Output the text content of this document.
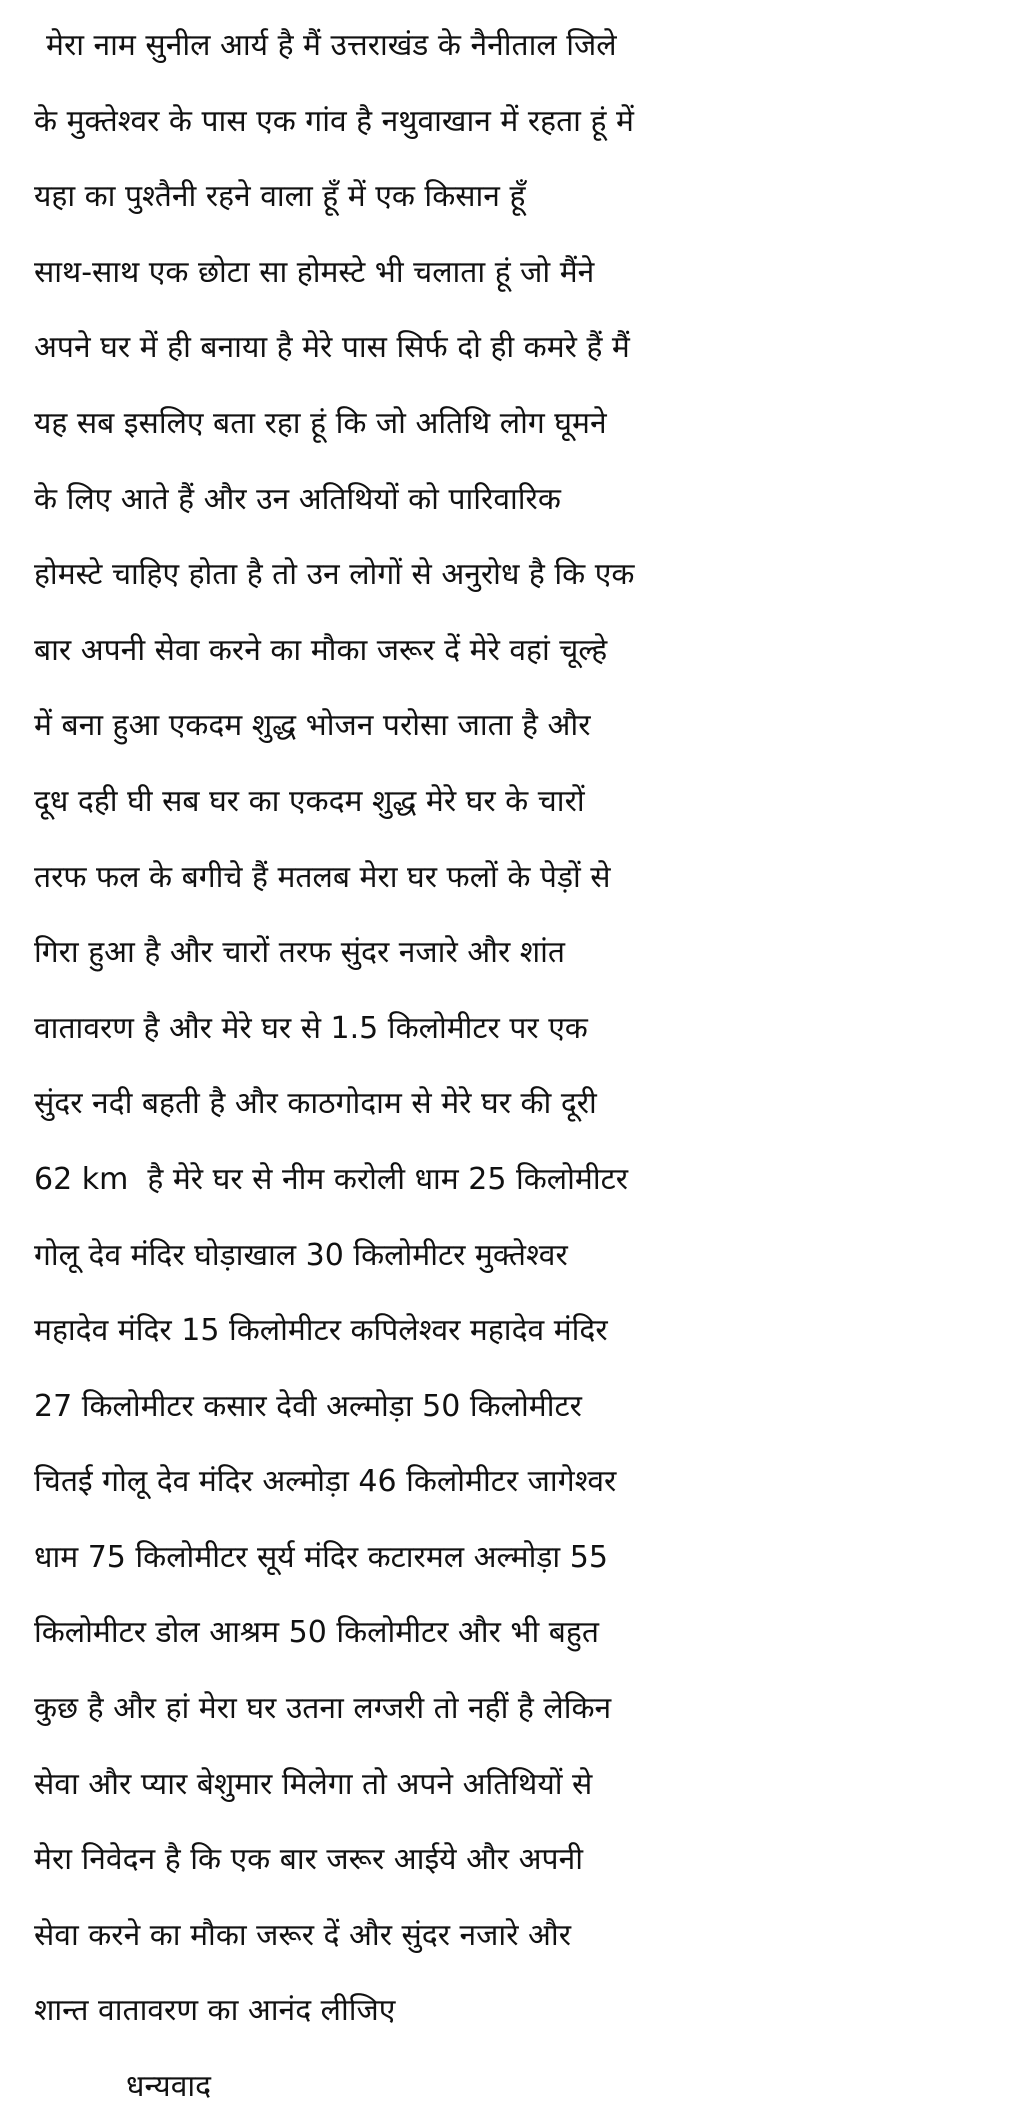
मेरा नाम सुनील आर्य है मैं उत्तराखंड के नैनीताल जिले
के मुक्तेश्वर के पास एक गांव है नथुवाखान में रहता हूं में
यहा का पुश्तैनी रहने वाला हूँ में एक किसान हूँ
साथ-साथ एक छोटा सा होमस्टे भी चलाता हूं जो मैंने
अपने घर में ही बनाया है मेरे पास सिर्फ दो ही कमरे हैं मैं
यह सब इसलिए बता रहा हूं कि जो अतिथि लोग घूमने
के लिए आते हैं और उन अतिथियों को पारिवारिक
होमस्टे चाहिए होता है तो उन लोगों से अनुरोध है कि एक
बार अपनी सेवा करने का मौका जरूर दें मेरे वहां चूल्हे
में बना हुआ एकदम शुद्ध भोजन परोसा जाता है और
दूध दही घी सब घर का एकदम शुद्ध मेरे घर के चारों
तरफ फल के बगीचे हैं मतलब मेरा घर फलों के पेड़ों से
गिरा हुआ है और चारों तरफ सुंदर नजारे और शांत
वातावरण है और मेरे घर से 1.5 किलोमीटर पर एक
सुंदर नदी बहती है और काठगोदाम से मेरे घर की दूरी
62 km  है मेरे घर से नीम करोली धाम 25 किलोमीटर
गोलू देव मंदिर घोड़ाखाल 30 किलोमीटर मुक्तेश्वर
महादेव मंदिर 15 किलोमीटर कपिलेश्वर महादेव मंदिर
27 किलोमीटर कसार देवी अल्मोड़ा 50 किलोमीटर
चितई गोलू देव मंदिर अल्मोड़ा 46 किलोमीटर जागेश्वर
धाम 75 किलोमीटर सूर्य मंदिर कटारमल अल्मोड़ा 55
किलोमीटर डोल आश्रम 50 किलोमीटर और भी बहुत
कुछ है और हां मेरा घर उतना लग्जरी तो नहीं है लेकिन
सेवा और प्यार बेशुमार मिलेगा तो अपने अतिथियों से
मेरा निवेदन है कि एक बार जरूर आईये और अपनी
सेवा करने का मौका जरूर दें और सुंदर नजारे और
शान्त वातावरण का आनंद लीजिए
धन्यवाद
